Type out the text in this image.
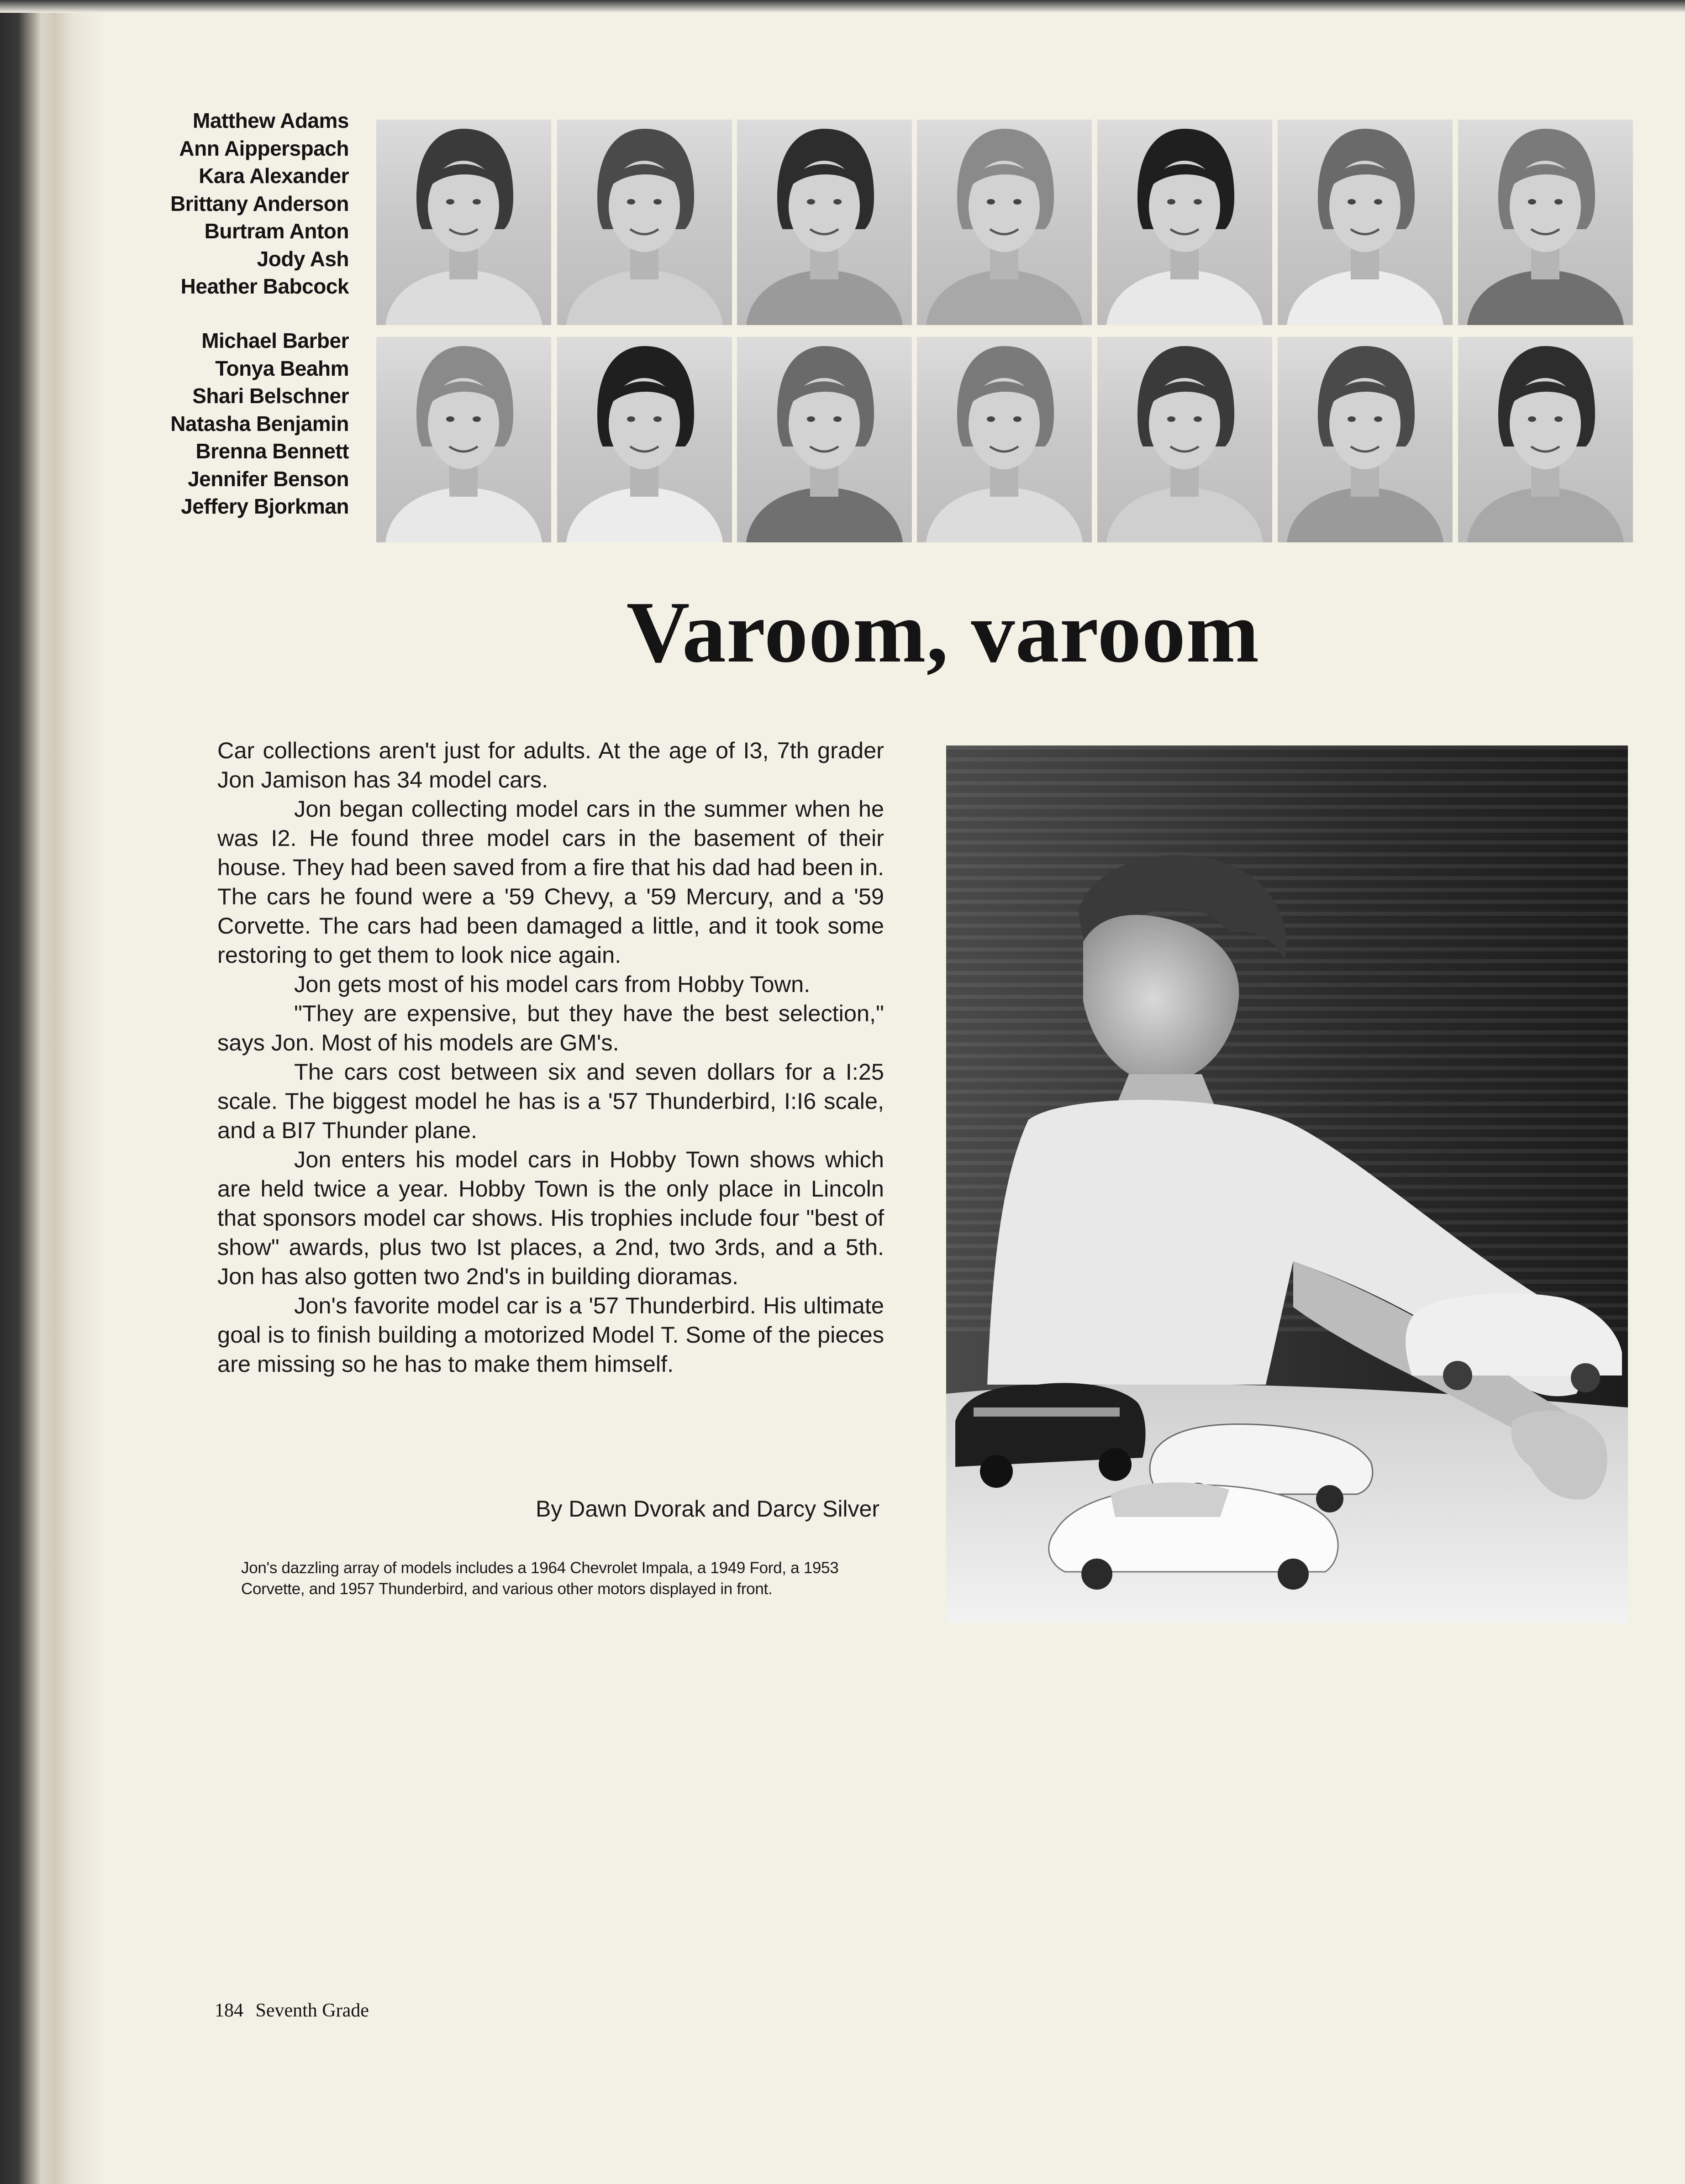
Matthew Adams
Ann Aipperspach
Kara Alexander
Brittany Anderson
Burtram Anton
Jody Ash
Heather Babcock
Michael Barber
Tonya Beahm
Shari Belschner
Natasha Benjamin
Brenna Bennett
Jennifer Benson
Jeffery Bjorkman
Varoom, varoom

Car collections aren't just for adults. At the age of I3, 7th grader Jon Jamison has 34 model cars.

Jon began collecting model cars in the summer when he was I2. He found three model cars in the basement of their house. They had been saved from a fire that his dad had been in. The cars he found were a '59 Chevy, a '59 Mercury, and a '59 Corvette. The cars had been damaged a little, and it took some restoring to get them to look nice again.

Jon gets most of his model cars from Hobby Town.

"They are expensive, but they have the best selection," says Jon. Most of his models are GM's.

The cars cost between six and seven dollars for a I:25 scale. The biggest model he has is a '57 Thunderbird, I:I6 scale, and a BI7 Thunder plane.

Jon enters his model cars in Hobby Town shows which are held twice a year. Hobby Town is the only place in Lincoln that sponsors model car shows. His trophies include four "best of show" awards, plus two Ist places, a 2nd, two 3rds, and a 5th. Jon has also gotten two 2nd's in building dioramas.

Jon's favorite model car is a '57 Thunderbird. His ultimate goal is to finish building a motorized Model T. Some of the pieces are missing so he has to make them himself.

By Dawn Dvorak and Darcy Silver
Jon's dazzling array of models includes a 1964 Chevrolet Impala, a 1949 Ford, a 1953 Corvette, and 1957 Thunderbird, and various other motors displayed in front.
184 Seventh Grade
